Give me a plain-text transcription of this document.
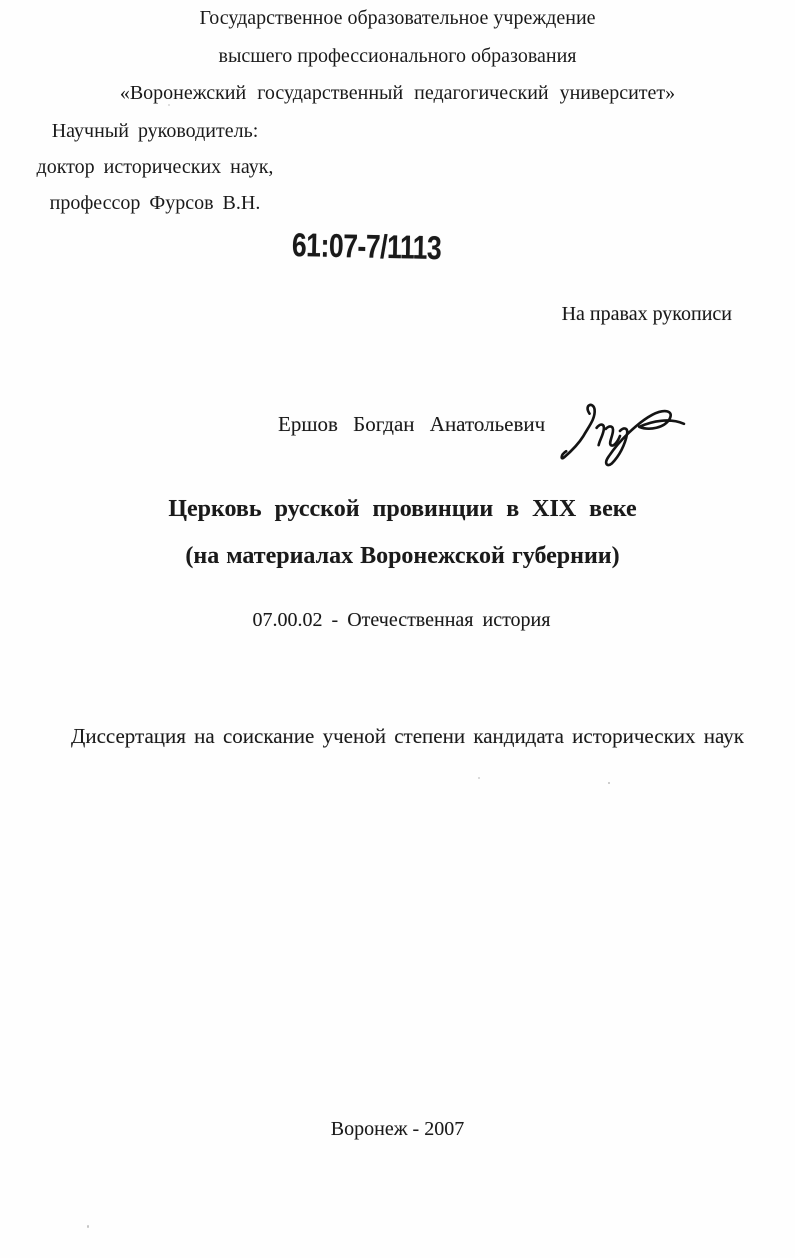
Государственное образовательное учреждение
высшего профессионального образования
«Воронежский государственный педагогический университет»
61:07-7/1113
На правах рукописи
Ершов Богдан Анатольевич
Церковь русской провинции в XIX веке
(на материалах Воронежской губернии)
07.00.02 - Отечественная история
Диссертация на соискание ученой степени кандидата исторических наук
Научный руководитель:
доктор исторических наук,
профессор Фурсов В.Н.
Воронеж - 2007
